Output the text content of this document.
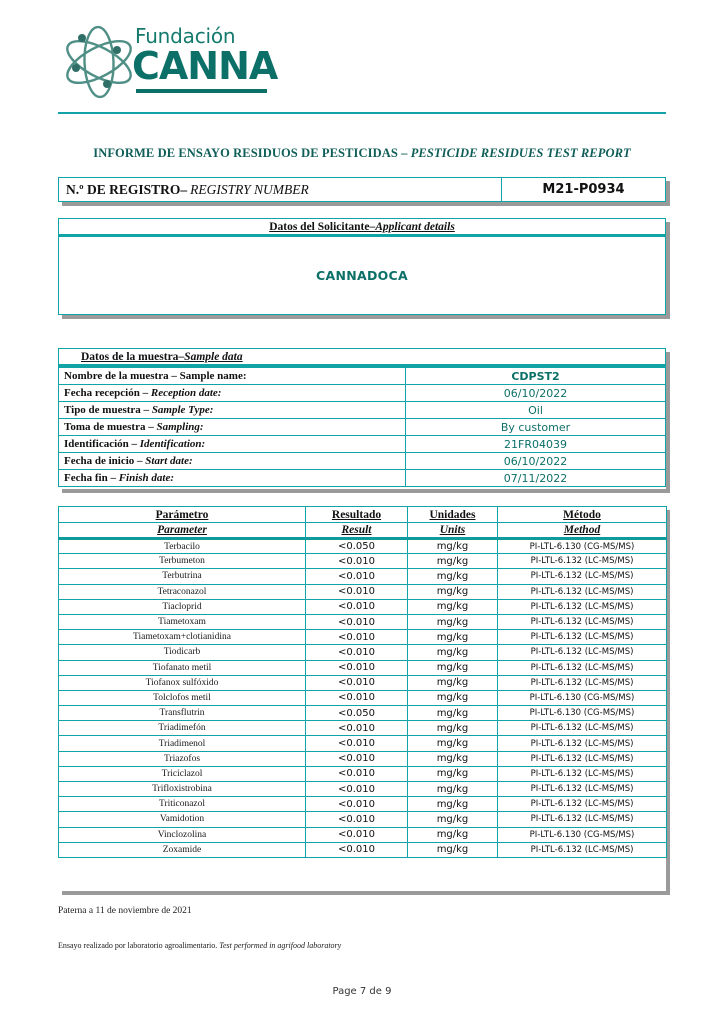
Fundación
CANNA
INFORME DE ENSAYO RESIDUOS DE PESTICIDAS – PESTICIDE RESIDUES TEST REPORT
N.º DE REGISTRO – REGISTRY NUMBER	M21-P0934
Datos del Solicitante – Applicant details
CANNADOCA
Datos de la muestra – Sample data
Nombre de la muestra – Sample name:	CDPST2
Fecha recepción – Reception date:	06/10/2022
Tipo de muestra – Sample Type:	Oil
Toma de muestra – Sampling:	By customer
Identificación – Identification:	21FR04039
Fecha de inicio – Start date:	06/10/2022
Fecha fin – Finish date:	07/11/2022
Parámetro	Resultado	Unidades	Método
Parameter	Result	Units	Method
Terbacilo	<0.050	mg/kg	PI-LTL-6.130 (CG-MS/MS)
Terbumeton	<0.010	mg/kg	PI-LTL-6.132 (LC-MS/MS)
Terbutrina	<0.010	mg/kg	PI-LTL-6.132 (LC-MS/MS)
Tetraconazol	<0.010	mg/kg	PI-LTL-6.132 (LC-MS/MS)
Tiacloprid	<0.010	mg/kg	PI-LTL-6.132 (LC-MS/MS)
Tiametoxam	<0.010	mg/kg	PI-LTL-6.132 (LC-MS/MS)
Tiametoxam+clotianidina	<0.010	mg/kg	PI-LTL-6.132 (LC-MS/MS)
Tiodicarb	<0.010	mg/kg	PI-LTL-6.132 (LC-MS/MS)
Tiofanato metil	<0.010	mg/kg	PI-LTL-6.132 (LC-MS/MS)
Tiofanox sulfóxido	<0.010	mg/kg	PI-LTL-6.132 (LC-MS/MS)
Tolclofos metil	<0.010	mg/kg	PI-LTL-6.130 (CG-MS/MS)
Transflutrin	<0.050	mg/kg	PI-LTL-6.130 (CG-MS/MS)
Triadimefón	<0.010	mg/kg	PI-LTL-6.132 (LC-MS/MS)
Triadimenol	<0.010	mg/kg	PI-LTL-6.132 (LC-MS/MS)
Triazofos	<0.010	mg/kg	PI-LTL-6.132 (LC-MS/MS)
Triciclazol	<0.010	mg/kg	PI-LTL-6.132 (LC-MS/MS)
Trifloxistrobina	<0.010	mg/kg	PI-LTL-6.132 (LC-MS/MS)
Triticonazol	<0.010	mg/kg	PI-LTL-6.132 (LC-MS/MS)
Vamidotion	<0.010	mg/kg	PI-LTL-6.132 (LC-MS/MS)
Vinclozolina	<0.010	mg/kg	PI-LTL-6.130 (CG-MS/MS)
Zoxamide	<0.010	mg/kg	PI-LTL-6.132 (LC-MS/MS)
Paterna a 11 de noviembre de 2021
Ensayo realizado por laboratorio agroalimentario. Test performed in agrifood laboratory
Page 7 de 9
